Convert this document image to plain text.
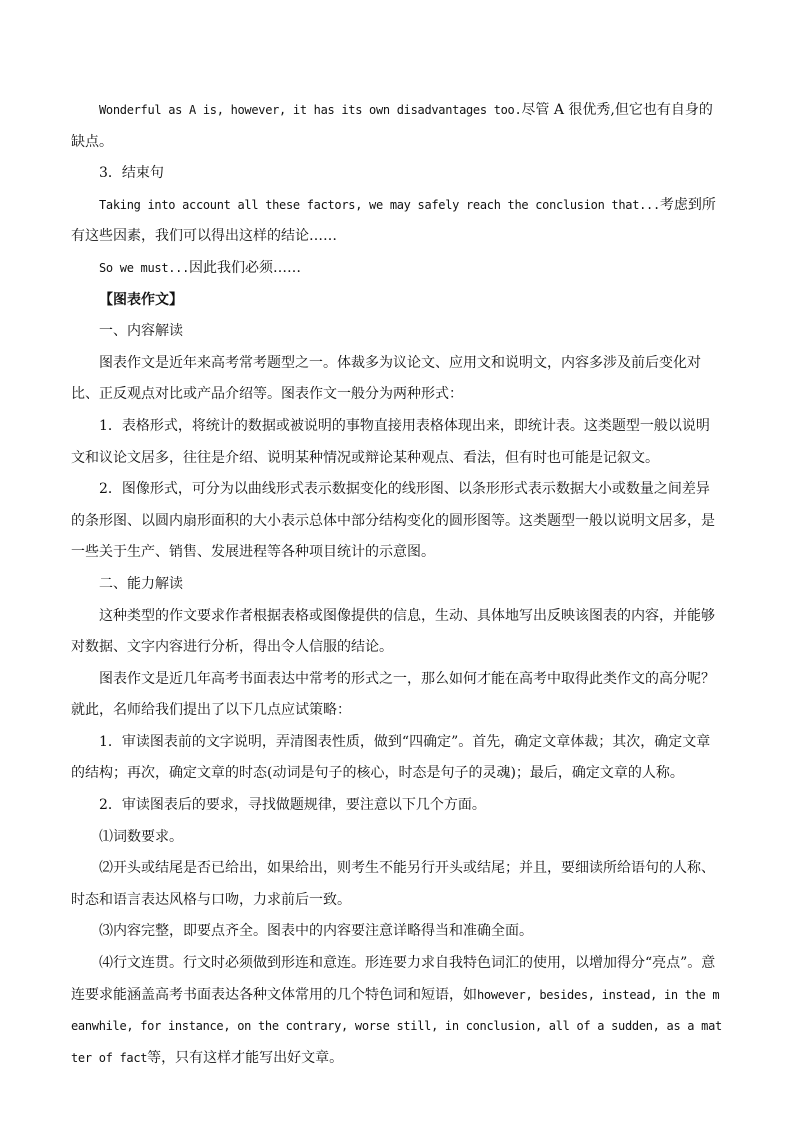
Wonderful as A is, however, it has its own disadvantages too.尽管 A 很优秀,但它也有自身的缺点。

3．结束句

Taking into account all these factors, we may safely reach the conclusion that...考虑到所有这些因素，我们可以得出这样的结论……

So we must...因此我们必须……

【图表作文】

一、内容解读

图表作文是近年来高考常考题型之一。体裁多为议论文、应用文和说明文，内容多涉及前后变化对比、正反观点对比或产品介绍等。图表作文一般分为两种形式：

1．表格形式，将统计的数据或被说明的事物直接用表格体现出来，即统计表。这类题型一般以说明文和议论文居多，往往是介绍、说明某种情况或辩论某种观点、看法，但有时也可能是记叙文。

2．图像形式，可分为以曲线形式表示数据变化的线形图、以条形形式表示数据大小或数量之间差异的条形图、以圆内扇形面积的大小表示总体中部分结构变化的圆形图等。这类题型一般以说明文居多，是一些关于生产、销售、发展进程等各种项目统计的示意图。

二、能力解读

这种类型的作文要求作者根据表格或图像提供的信息，生动、具体地写出反映该图表的内容，并能够对数据、文字内容进行分析，得出令人信服的结论。

图表作文是近几年高考书面表达中常考的形式之一，那么如何才能在高考中取得此类作文的高分呢？就此，名师给我们提出了以下几点应试策略：

1．审读图表前的文字说明，弄清图表性质，做到“四确定”。首先，确定文章体裁；其次，确定文章的结构；再次，确定文章的时态(动词是句子的核心，时态是句子的灵魂)；最后，确定文章的人称。

2．审读图表后的要求，寻找做题规律，要注意以下几个方面。

⑴词数要求。

⑵开头或结尾是否已给出，如果给出，则考生不能另行开头或结尾；并且，要细读所给语句的人称、时态和语言表达风格与口吻，力求前后一致。

⑶内容完整，即要点齐全。图表中的内容要注意详略得当和准确全面。

⑷行文连贯。行文时必须做到形连和意连。形连要力求自我特色词汇的使用，以增加得分“亮点”。意连要求能涵盖高考书面表达各种文体常用的几个特色词和短语，如however, besides, instead, in the meanwhile, for instance, on the contrary, worse still, in conclusion, all of a sudden, as a matter of fact等，只有这样才能写出好文章。
